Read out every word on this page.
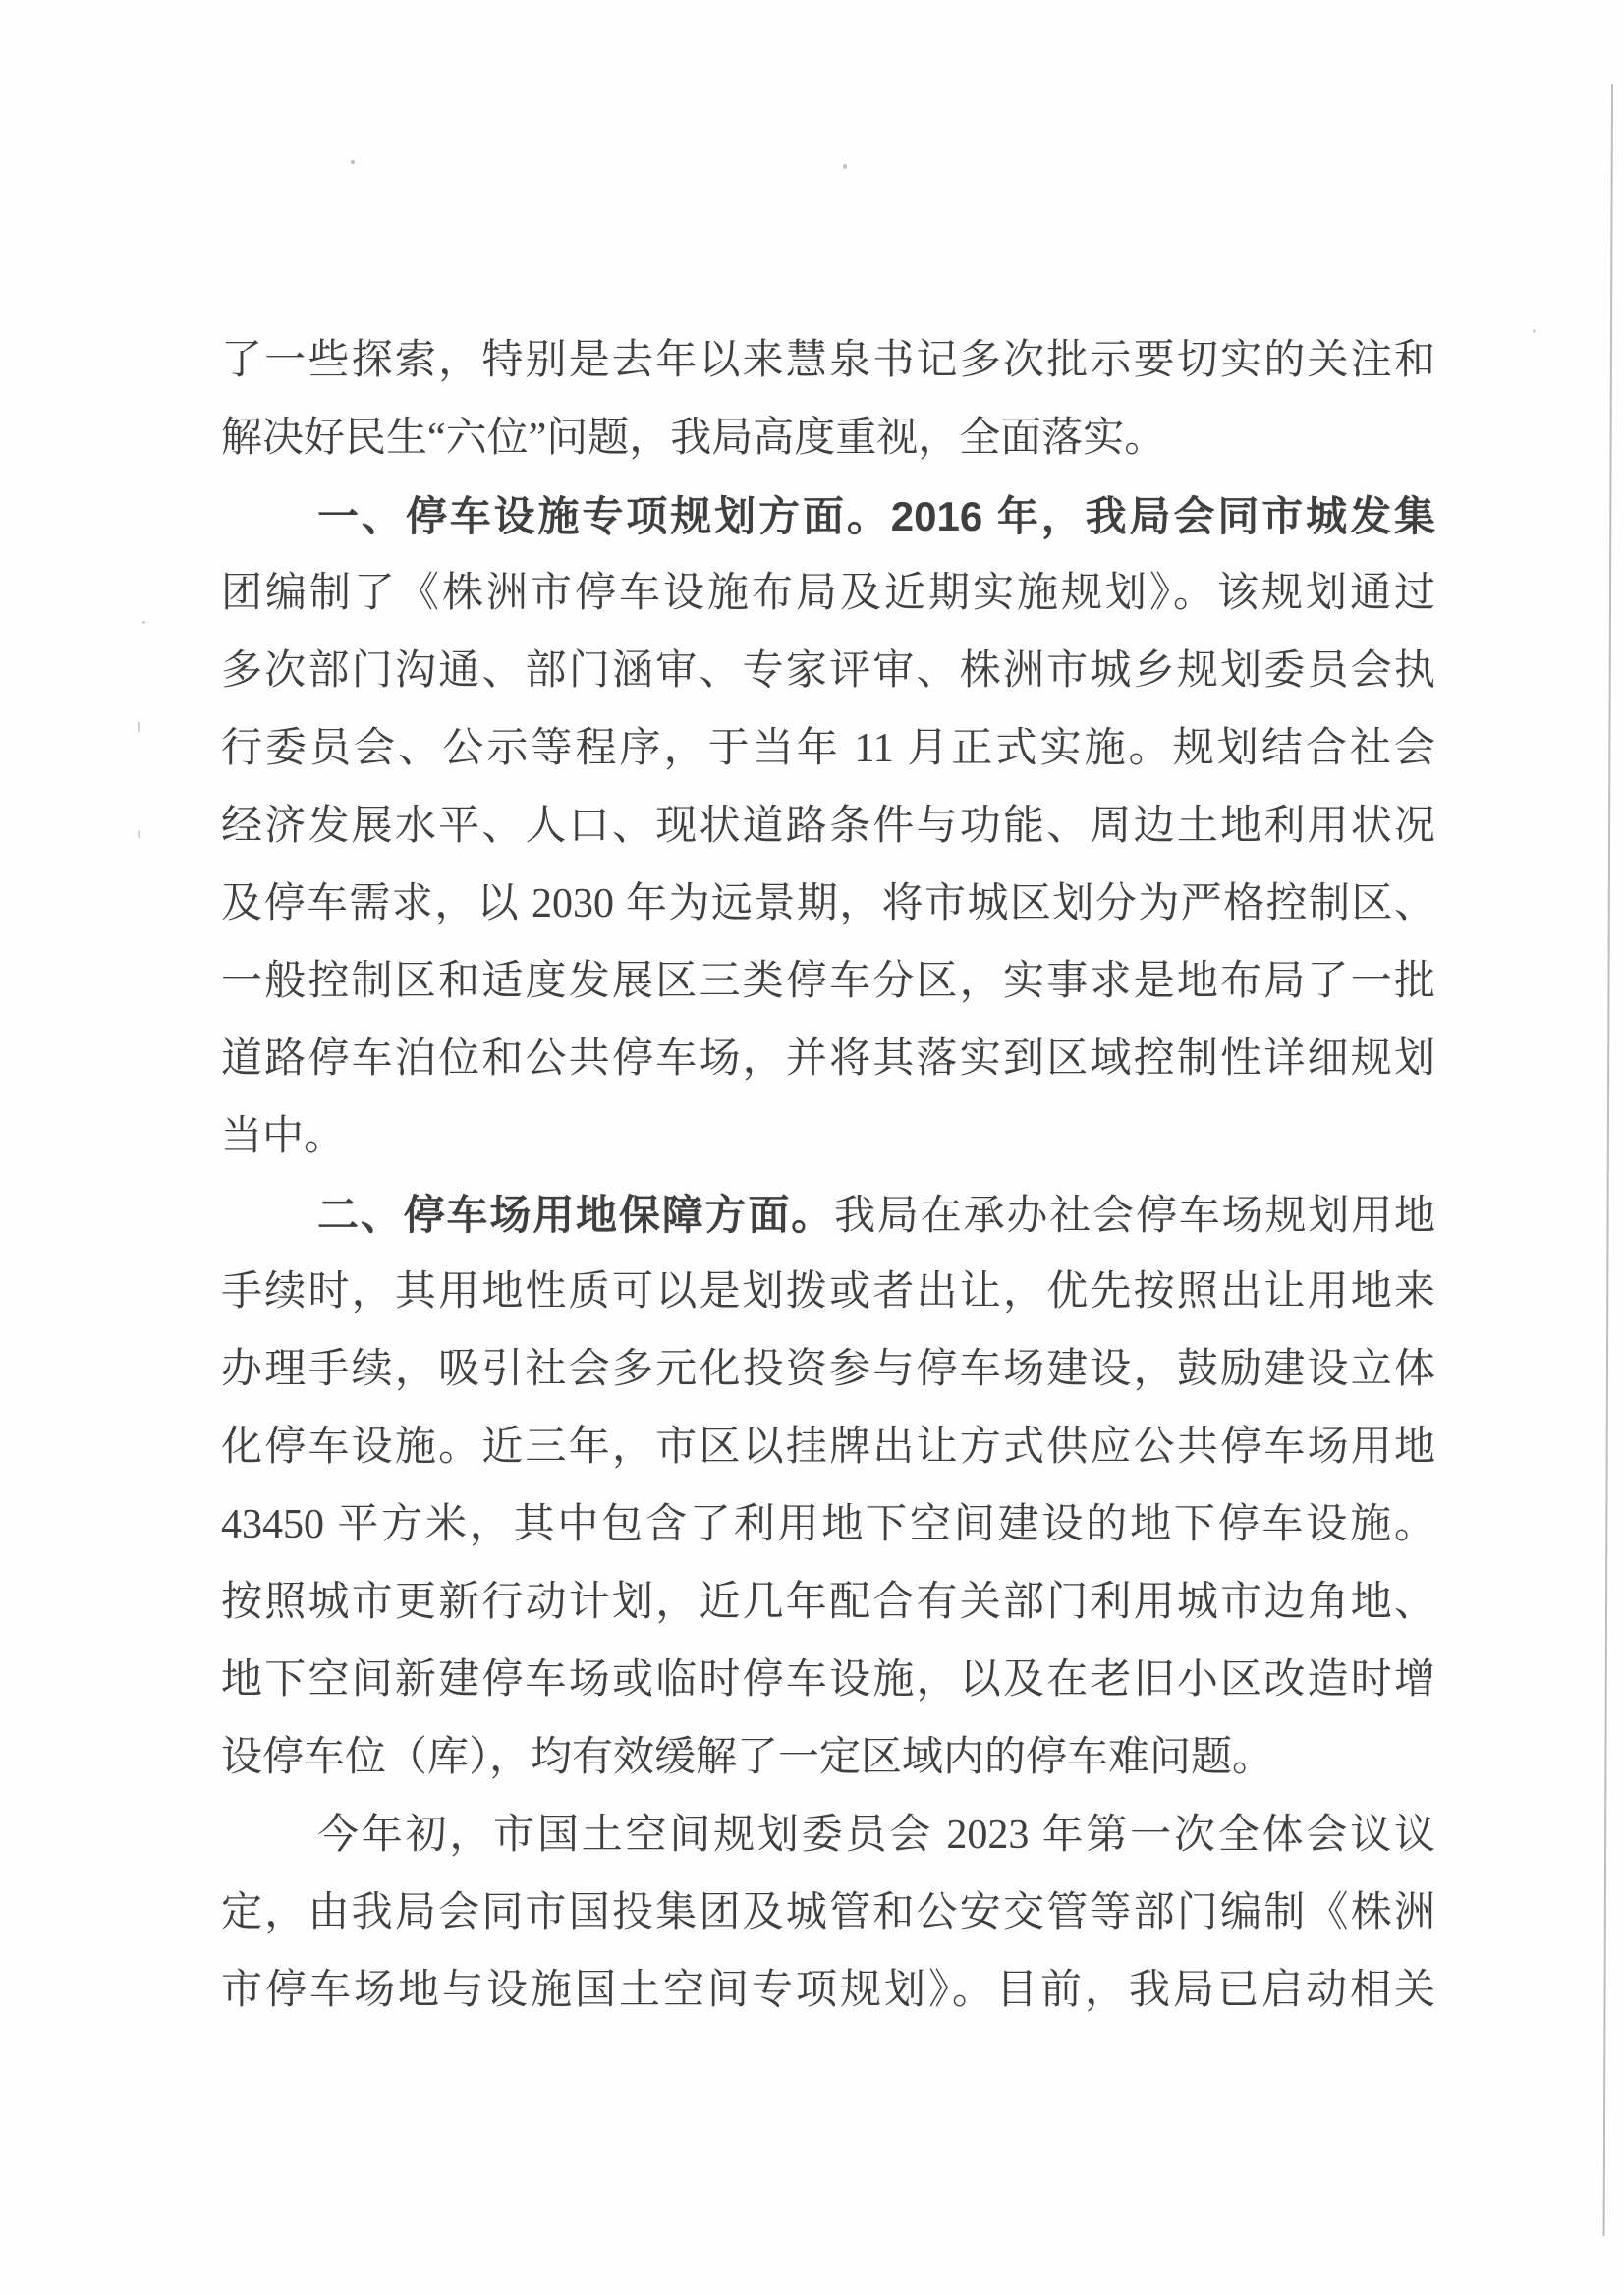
了一些探索，特别是去年以来慧泉书记多次批示要切实的关注和
解决好民生“六位”问题，我局高度重视，全面落实。
一、停车设施专项规划方面。2016 年，我局会同市城发集
团编制了《株洲市停车设施布局及近期实施规划》。该规划通过
多次部门沟通、部门涵审、专家评审、株洲市城乡规划委员会执
行委员会、公示等程序，于当年 11 月正式实施。规划结合社会
经济发展水平、人口、现状道路条件与功能、周边土地利用状况
及停车需求，以 2030 年为远景期，将市城区划分为严格控制区、
一般控制区和适度发展区三类停车分区，实事求是地布局了一批
道路停车泊位和公共停车场，并将其落实到区域控制性详细规划
当中。
二、停车场用地保障方面。我局在承办社会停车场规划用地
手续时，其用地性质可以是划拨或者出让，优先按照出让用地来
办理手续，吸引社会多元化投资参与停车场建设，鼓励建设立体
化停车设施。近三年，市区以挂牌出让方式供应公共停车场用地
43450 平方米，其中包含了利用地下空间建设的地下停车设施。
按照城市更新行动计划，近几年配合有关部门利用城市边角地、
地下空间新建停车场或临时停车设施，以及在老旧小区改造时增
设停车位（库），均有效缓解了一定区域内的停车难问题。
今年初，市国土空间规划委员会 2023 年第一次全体会议议
定，由我局会同市国投集团及城管和公安交管等部门编制《株洲
市停车场地与设施国土空间专项规划》。目前，我局已启动相关
